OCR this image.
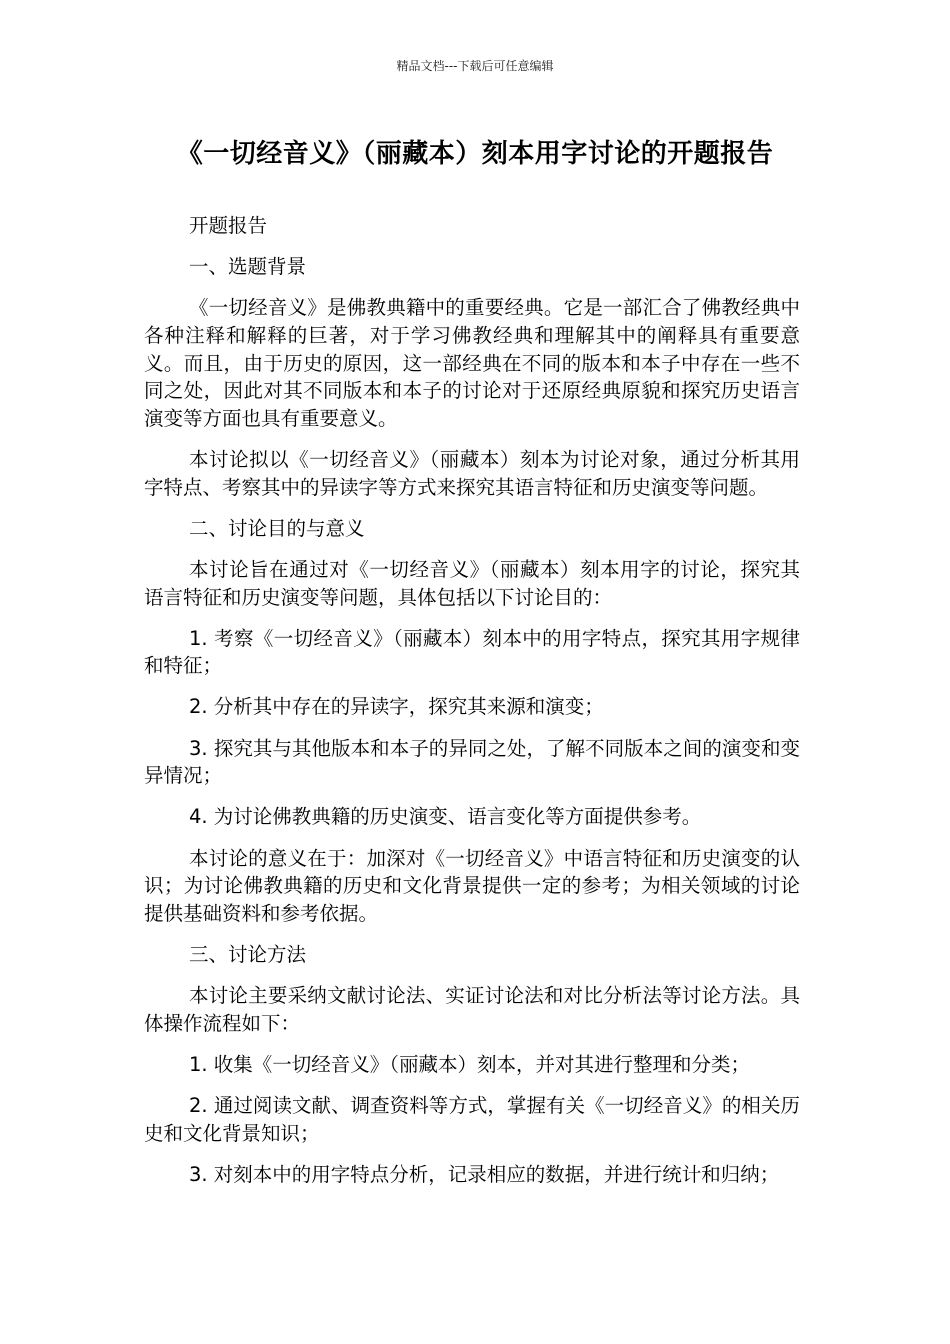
精品文档---下载后可任意编辑
《一切经音义》（丽藏本）刻本用字讨论的开题报告

开题报告

一、选题背景

《一切经音义》是佛教典籍中的重要经典。它是一部汇合了佛教经典中各种注释和解释的巨著，对于学习佛教经典和理解其中的阐释具有重要意义。而且，由于历史的原因，这一部经典在不同的版本和本子中存在一些不同之处，因此对其不同版本和本子的讨论对于还原经典原貌和探究历史语言演变等方面也具有重要意义。

本讨论拟以《一切经音义》（丽藏本）刻本为讨论对象，通过分析其用字特点、考察其中的异读字等方式来探究其语言特征和历史演变等问题。

二、讨论目的与意义

本讨论旨在通过对《一切经音义》（丽藏本）刻本用字的讨论，探究其语言特征和历史演变等问题，具体包括以下讨论目的：

1. 考察《一切经音义》（丽藏本）刻本中的用字特点，探究其用字规律和特征；

2. 分析其中存在的异读字，探究其来源和演变；

3. 探究其与其他版本和本子的异同之处，了解不同版本之间的演变和变异情况；

4. 为讨论佛教典籍的历史演变、语言变化等方面提供参考。

本讨论的意义在于：加深对《一切经音义》中语言特征和历史演变的认识；为讨论佛教典籍的历史和文化背景提供一定的参考；为相关领域的讨论提供基础资料和参考依据。

三、讨论方法

本讨论主要采纳文献讨论法、实证讨论法和对比分析法等讨论方法。具体操作流程如下：

1. 收集《一切经音义》（丽藏本）刻本，并对其进行整理和分类；

2. 通过阅读文献、调查资料等方式，掌握有关《一切经音义》的相关历史和文化背景知识；

3. 对刻本中的用字特点分析，记录相应的数据，并进行统计和归纳；
